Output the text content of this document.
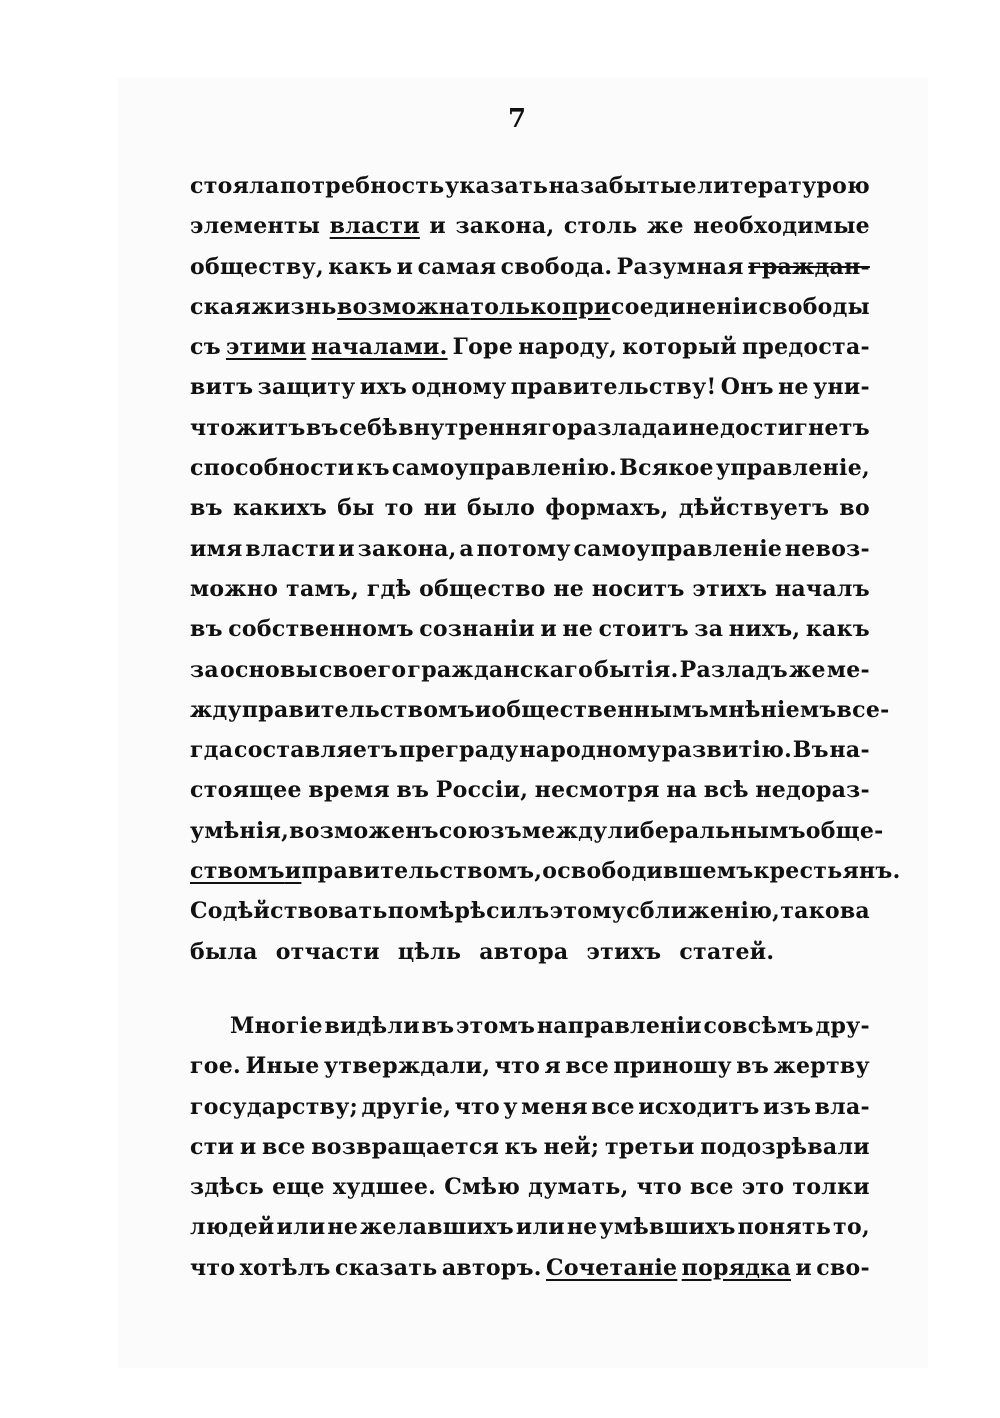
7
стояла потребность указать на забытые литературою
элементы власти и закона, столь же необходимые
обществу, какъ и самая свобода. Разумная граждан-
ская жизнь возможна только при соединенiи свободы
съ этими началами. Горе народу, который предоста-
витъ защиту ихъ одному правительству! Онъ не уни-
чтожитъ въ себѣ внутренняго разлада и не достигнетъ
способности къ самоуправленiю. Всякое управленiе,
въ какихъ бы то ни было формахъ, дѣйствуетъ во
имя власти и закона, а потому самоуправленiе невоз-
можно тамъ, гдѣ общество не носитъ этихъ началъ
въ собственномъ сознанiи и не стоитъ за нихъ, какъ
за основы своего гражданскаго бытiя. Разладъ же ме-
жду правительствомъ и общественнымъ мнѣнiемъ все-
гда составляетъ преграду народному развитiю. Въ на-
стоящее время въ Россiи, несмотря на всѣ недораз-
умѣнiя, возможенъ союзъ между либеральнымъ обще-
ствомъ и правительствомъ, освободившемъ крестьянъ.
Содѣйствовать по мѣрѣ силъ этому сближенiю, такова
была отчасти цѣль автора этихъ статей.
Многiе видѣли въ этомъ направленiи совсѣмъ дру-
гое. Иные утверждали, что я все приношу въ жертву
государству; другiе, что у меня все исходитъ изъ вла-
сти и все возвращается къ ней; третьи подозрѣвали
здѣсь еще худшее. Смѣю думать, что все это толки
людей или не желавшихъ или не умѣвшихъ понять то,
что хотѣлъ сказать авторъ. Сочетанiе порядка и сво-
